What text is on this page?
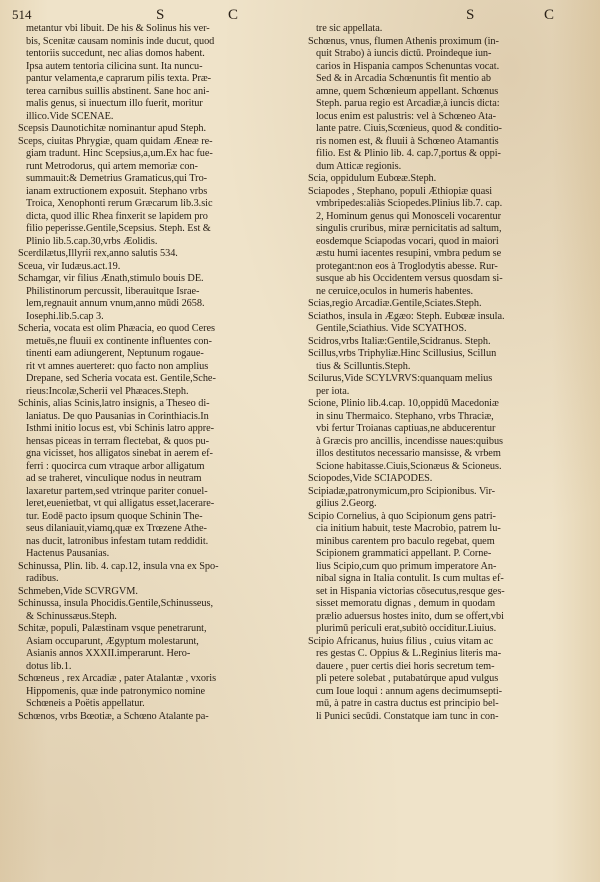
514	S	C	S	C
metantur vbi libuit. De his & Solinus his ver-
bis, Scenitæ causam nominis inde ducut, quod
tentoriis succedunt, nec alias domos habent.
Ipsa autem tentoria cilicina sunt. Ita nuncu-
pantur velamenta,e caprarum pilis texta. Præ-
terea carnibus suillis abstinent. Sane hoc ani-
malis genus, si inuectum illo fuerit, moritur
illico.Vide SCENAE.
Scepsis Daunotichitæ nominantur apud Steph.
Sceps, ciuitas Phrygiæ, quam quidam Æneæ re-
giam tradunt. Hinc Scepsius,a,um.Ex hac fue-
runt Metrodorus, qui artem memoriæ con-
summauit:& Demetrius Gramaticus,qui Tro-
ianam extructionem exposuit. Stephano vrbs
Troica, Xenophonti rerum Græcarum lib.3.sic
dicta, quod illic Rhea finxerit se lapidem pro
filio peperisse.Gentile,Scepsius. Steph. Est &
Plinio lib.5.cap.30,vrbs Æolidis.
Scerdilætus,Illyrii rex,anno salutis 534.
Sceua, vir Iudæus.act.19.
Schamgar, vir filius Ænath,stimulo bouis DE.
Philistinorum percussit, liberauitque Israe-
lem,regnauit annum vnum,anno mūdi 2658.
Iosephi.lib.5.cap 3.
Scheria, vocata est olim Phæacia, eo quod Ceres
metuēs,ne fluuii ex continente influentes con-
tinenti eam adiungerent, Neptunum rogaue-
rit vt amnes auerteret: quo facto non amplius
Drepane, sed Scheria vocata est. Gentile,Sche-
rieus:Incolæ,Scherii vel Phæaces.Steph.
Schinis, alias Scinis,latro insignis, a Theseo di-
laniatus. De quo Pausanias in Corinthiacis.In
Isthmi initio locus est, vbi Schinis latro appre-
hensas piceas in terram flectebat, & quos pu-
gna vicisset, hos alligatos sinebat in aerem ef-
ferri : quocirca cum vtraque arbor alligatum
ad se traheret, vinculique nodus in neutram
laxaretur partem,sed vtrinque pariter conuel-
leret,euenietbat, vt qui alligatus esset,lacerare-
tur. Eodē pacto ipsum quoque Schinin The-
seus dilaniauit,viamq,quæ ex Trœzene Athe-
nas ducit, latronibus infestam tutam reddidit.
Hactenus Pausanias.
Schinussa, Plin. lib. 4. cap.12, insula vna ex Spo-
radibus.
Schmeben,Vide SCVRGVM.
Schinussa, insula Phocidis.Gentile,Schinusseus,
& Schinussæus.Steph.
Schitæ, populi, Palæstinam vsque penetrarunt,
Asiam occuparunt, Ægyptum molestarunt,
Asianis annos XXXII.imperarunt. Hero-
dotus lib.1.
Schœneus , rex Arcadiæ , pater Atalantæ , vxoris
Hippomenis, quæ inde patronymico nomine
Schœneis a Poëtis appellatur.
Schœnos, vrbs Bœotiæ, a Schœno Atalante pa-
tre sic appellata.
Schœnus, vnus, flumen Athenis proximum (in-
quit Strabo) à iuncis dictū. Proindeque iun-
carios in Hispania campos Schenuntas vocat.
Sed & in Arcadia Schœnuntis fit mentio ab
amne, quem Schœnieum appellant. Schœnus
Steph. parua regio est Arcadiæ,à iuncis dicta:
locus enim est palustris: vel à Schœneo Ata-
lante patre. Ciuis,Scœnieus, quod & conditio-
ris nomen est, & fluuii à Schœneo Atamantis
filio. Est & Plinio lib. 4. cap.7,portus & oppi-
dum Atticæ regionis.
Scia, oppidulum Eubœæ.Steph.
Sciapodes , Stephano, populi Æthiopiæ quasi
vmbripedes:aliàs Sciopedes.Plinius lib.7. cap.
2, Hominum genus qui Monosceli vocarentur
singulis cruribus, miræ pernicitatis ad saltum,
eosdemque Sciapodas vocari, quod in maiori
æstu humi iacentes resupini, vmbra pedum se
protegant:non eos à Troglodytis abesse. Rur-
susque ab his Occidentem versus quosdam si-
ne ceruice,oculos in humeris habentes.
Scias,regio Arcadiæ.Gentile,Sciates.Steph.
Sciathos, insula in Ægæo: Steph. Eubœæ insula.
Gentile,Sciathius. Vide SCYATHOS.
Scidros,vrbs Italiæ:Gentile,Scidranus. Steph.
Scillus,vrbs Triphyliæ.Hinc Scillusius, Scillun
tius & Scilluntis.Steph.
Scilurus,Vide SCYLVRVS:quanquam melius
per iota.
Scione, Plinio lib.4.cap. 10,oppidū Macedoniæ
in sinu Thermaico. Stephano, vrbs Thraciæ,
vbi fertur Troianas captiuas,ne abducerentur
à Græcis pro ancillis, incendisse naues:quibus
illos destitutos necessario mansisse, & vrbem
Scione habitasse.Ciuis,Scionæus & Scioneus.
Sciopodes,Vide SCIAPODES.
Scipiadæ,patronymicum,pro Scipionibus. Vir-
gilius 2.Georg.
Scipio Cornelius, à quo Scipionum gens patri-
cia initium habuit, teste Macrobio, patrem lu-
minibus carentem pro baculo regebat, quem
Scipionem grammatici appellant. P. Corne-
lius Scipio,cum quo primum imperatore An-
nibal signa in Italia contulit. Is cum multas ef-
set in Hispania victorias cōsecutus,resque ges-
sisset memoratu dignas , demum in quodam
prælio aduersus hostes inito, dum se offert,vbi
plurimū periculi erat,subitò occiditur.Liuius.
Scipio Africanus, huius filius , cuius vitam ac
res gestas C. Oppius & L.Reginius literis ma-
dauere , puer certis diei horis secretum tem-
pli petere solebat , putabatúrque apud vulgus
cum Ioue loqui : annum agens decimumsepti-
mū, à patre in castra ductus est principio bel-
li Punici secūdi. Constatque iam tunc in con-
